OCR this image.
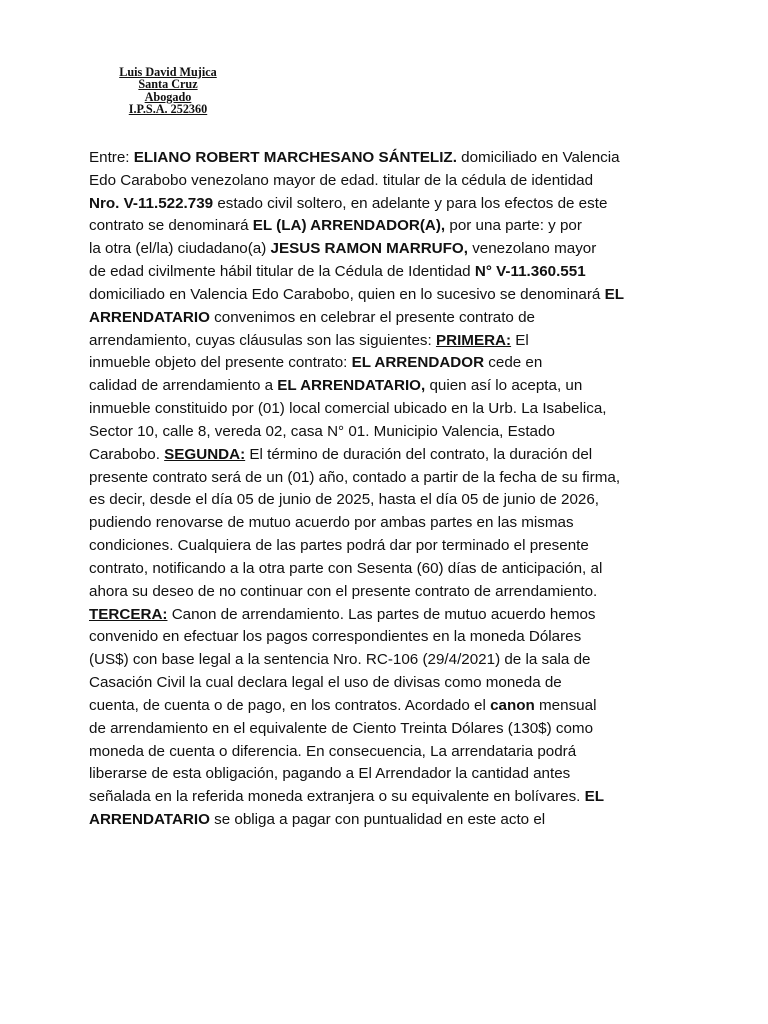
Luis David Mujica
Santa Cruz
Abogado
I.P.S.A. 252360
Entre: ELIANO ROBERT MARCHESANO SÁNTELIZ. domiciliado en Valencia
Edo Carabobo venezolano mayor de edad. titular de la cédula de identidad
Nro. V-11.522.739 estado civil soltero, en adelante y para los efectos de este
contrato se denominará EL (LA) ARRENDADOR(A), por una parte: y por
la otra (el/la) ciudadano(a) JESUS RAMON MARRUFO, venezolano mayor
de edad civilmente hábil titular de la Cédula de Identidad N° V-11.360.551
domiciliado en Valencia Edo Carabobo, quien en lo sucesivo se denominará EL
ARRENDATARIO convenimos en celebrar el presente contrato de
arrendamiento, cuyas cláusulas son las siguientes: PRIMERA: El
inmueble objeto del presente contrato: EL ARRENDADOR cede en
calidad de arrendamiento a EL ARRENDATARIO, quien así lo acepta, un
inmueble constituido por (01) local comercial ubicado en la Urb. La Isabelica,
Sector 10, calle 8, vereda 02, casa N° 01. Municipio Valencia, Estado
Carabobo. SEGUNDA: El término de duración del contrato, la duración del
presente contrato será de un (01) año, contado a partir de la fecha de su firma,
es decir, desde el día 05 de junio de 2025, hasta el día 05 de junio de 2026,
pudiendo renovarse de mutuo acuerdo por ambas partes en las mismas
condiciones. Cualquiera de las partes podrá dar por terminado el presente
contrato, notificando a la otra parte con Sesenta (60) días de anticipación, al
ahora su deseo de no continuar con el presente contrato de arrendamiento.
TERCERA: Canon de arrendamiento. Las partes de mutuo acuerdo hemos
convenido en efectuar los pagos correspondientes en la moneda Dólares
(US$) con base legal a la sentencia Nro. RC-106 (29/4/2021) de la sala de
Casación Civil la cual declara legal el uso de divisas como moneda de
cuenta, de cuenta o de pago, en los contratos. Acordado el canon mensual
de arrendamiento en el equivalente de Ciento Treinta Dólares (130$) como
moneda de cuenta o diferencia. En consecuencia, La arrendataria podrá
liberarse de esta obligación, pagando a El Arrendador la cantidad antes
señalada en la referida moneda extranjera o su equivalente en bolívares. EL
ARRENDATARIO se obliga a pagar con puntualidad en este acto el
